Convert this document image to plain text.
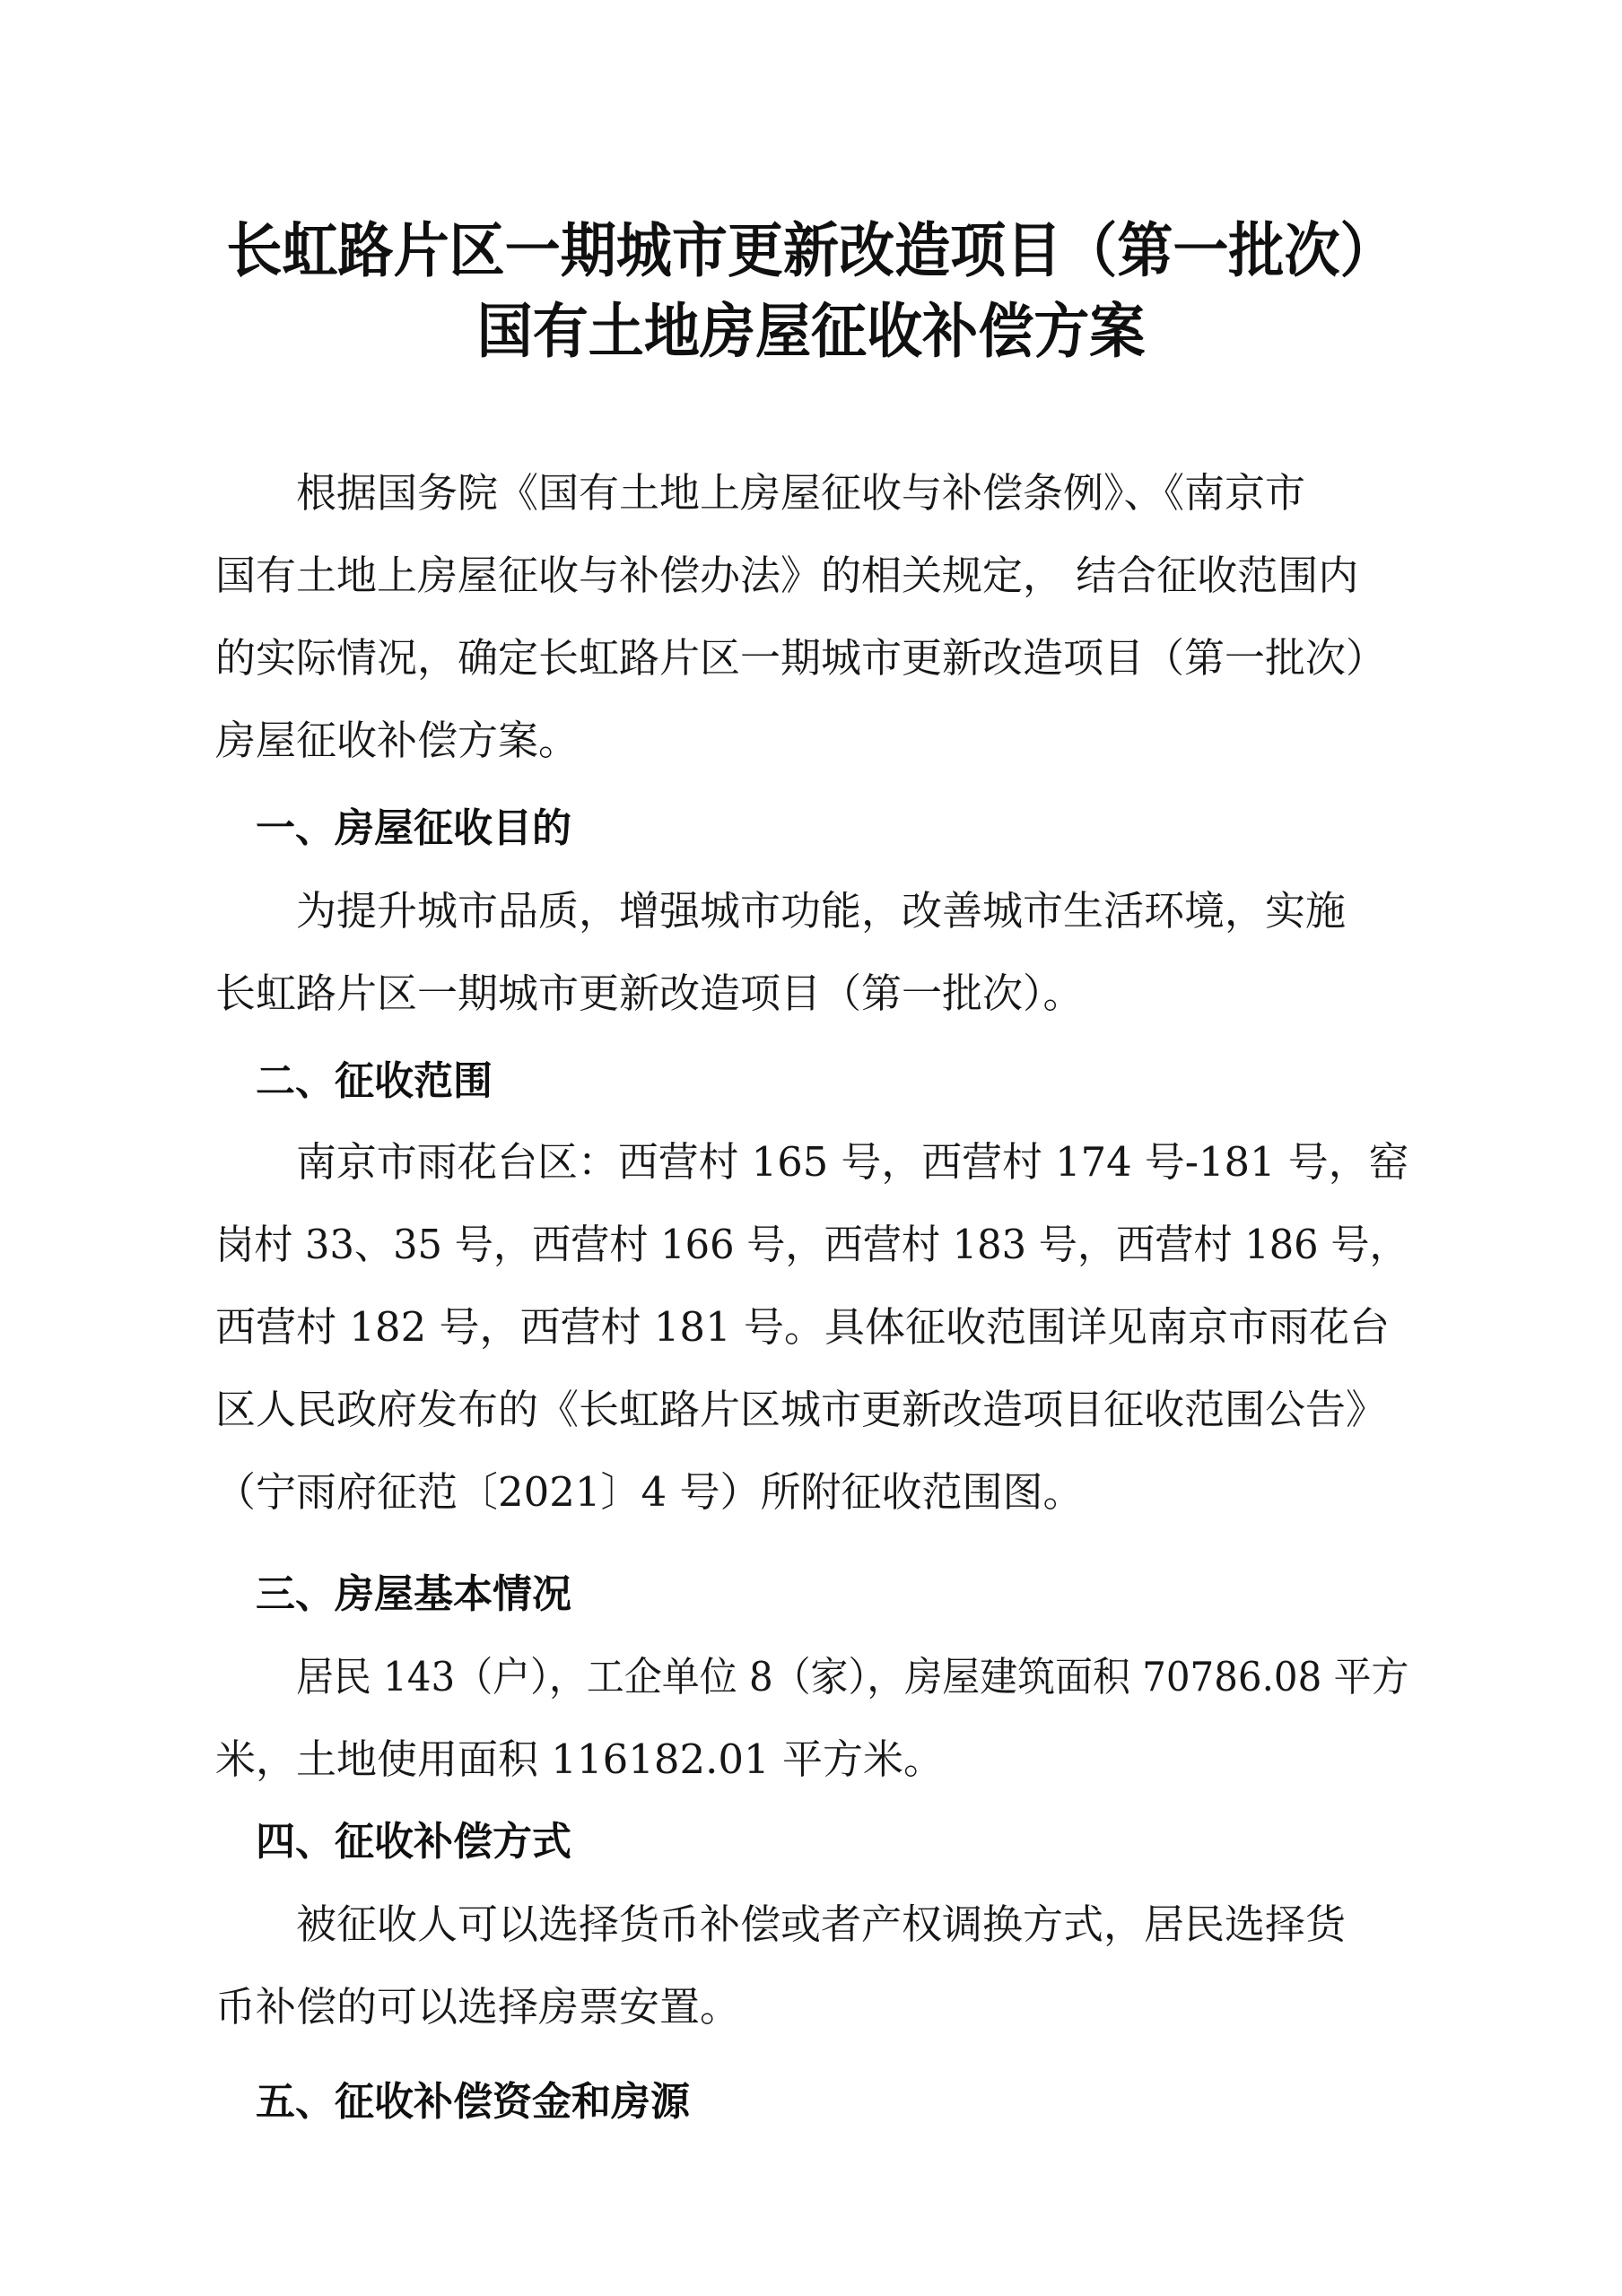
长虹路片区一期城市更新改造项目（第一批次）
国有土地房屋征收补偿方案

根据国务院《国有土地上房屋征收与补偿条例》、《南京市

国有土地上房屋征收与补偿办法》的相关规定， 结合征收范围内

的实际情况，确定长虹路片区一期城市更新改造项目（第一批次）

房屋征收补偿方案。

一、房屋征收目的

为提升城市品质，增强城市功能，改善城市生活环境，实施

长虹路片区一期城市更新改造项目（第一批次）。

二、征收范围

南京市雨花台区：西营村 165 号，西营村 174 号-181 号，窑

岗村 33、35 号，西营村 166 号，西营村 183 号，西营村 186 号，

西营村 182 号，西营村 181 号。具体征收范围详见南京市雨花台

区人民政府发布的《长虹路片区城市更新改造项目征收范围公告》

（宁雨府征范〔2021〕4 号）所附征收范围图。

三、房屋基本情况

居民 143（户），工企单位 8（家），房屋建筑面积 70786.08 平方

米，土地使用面积 116182.01 平方米。

四、征收补偿方式

被征收人可以选择货币补偿或者产权调换方式，居民选择货

币补偿的可以选择房票安置。

五、征收补偿资金和房源
